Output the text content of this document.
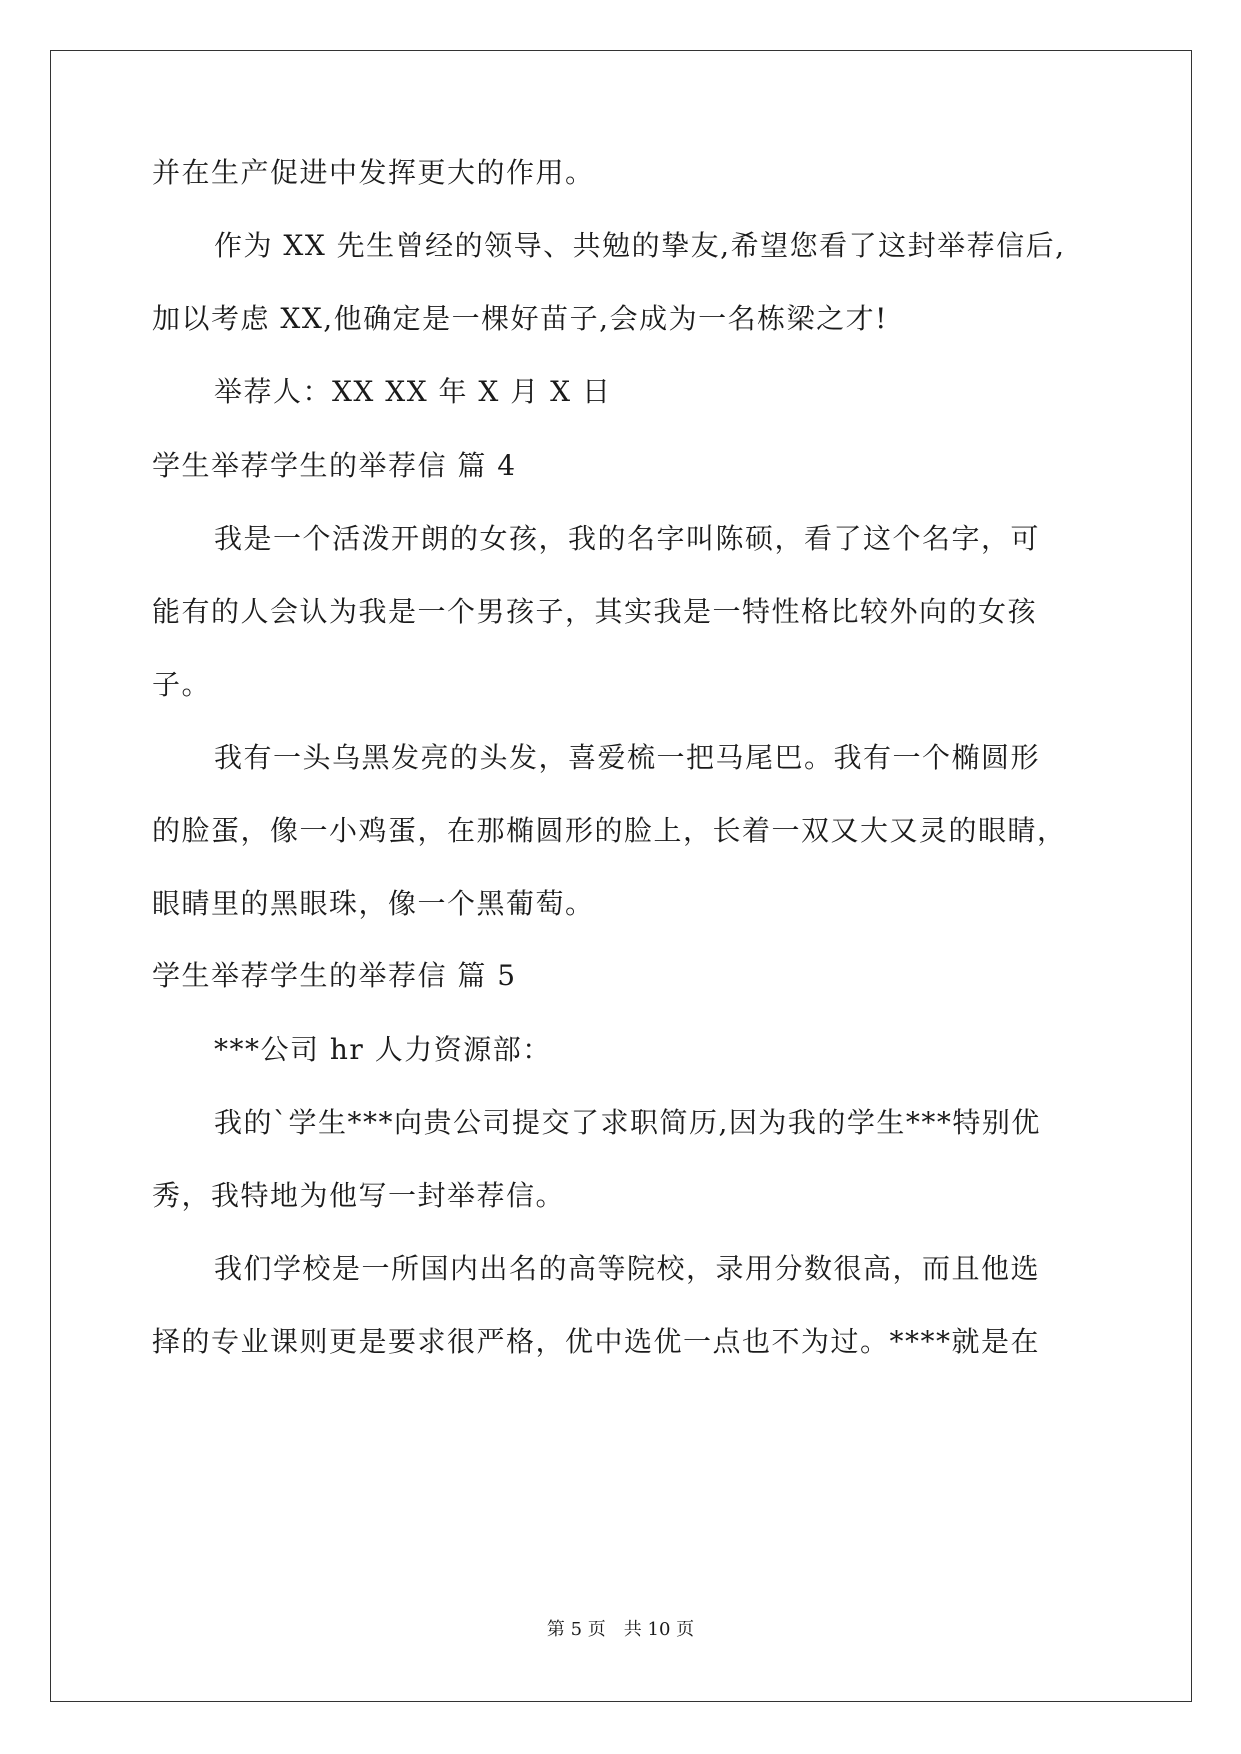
并在生产促进中发挥更大的作用。
作为 XX 先生曾经的领导、共勉的挚友,希望您看了这封举荐信后,
加以考虑 XX,他确定是一棵好苗子,会成为一名栋梁之才!
举荐人：XX XX 年 X 月 X 日
学生举荐学生的举荐信 篇 4
我是一个活泼开朗的女孩，我的名字叫陈硕，看了这个名字，可
能有的人会认为我是一个男孩子，其实我是一特性格比较外向的女孩
子。
我有一头乌黑发亮的头发，喜爱梳一把马尾巴。我有一个椭圆形
的脸蛋，像一小鸡蛋，在那椭圆形的脸上，长着一双又大又灵的眼睛，
眼睛里的黑眼珠，像一个黑葡萄。
学生举荐学生的举荐信 篇 5
***公司 hr 人力资源部：
我的`学生***向贵公司提交了求职简历,因为我的学生***特别优
秀，我特地为他写一封举荐信。
我们学校是一所国内出名的高等院校，录用分数很高，而且他选
择的专业课则更是要求很严格，优中选优一点也不为过。****就是在
第 5 页　共 10 页
